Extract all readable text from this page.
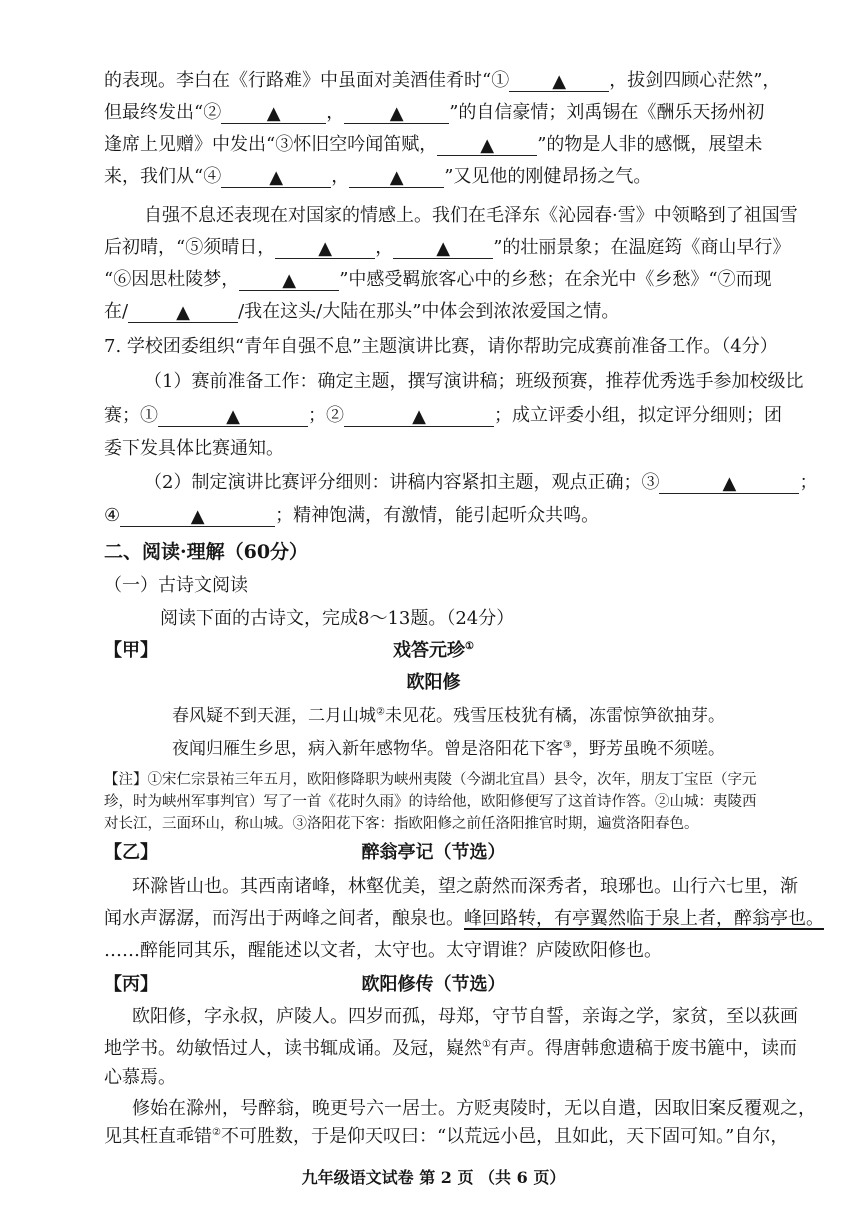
的表现。李白在《行路难》中虽面对美酒佳肴时“① ▲ ，拔剑四顾心茫然”，
但最终发出“②	▲	，	▲	”的自信豪情；刘禹锡在《酬乐天扬州初
逢席上见赠》中发出“③怀旧空吟闻笛赋， ▲ ”的物是人非的感慨，展望未
来，我们从“④	▲	， ▲ ”又见他的刚健昂扬之气。
自强不息还表现在对国家的情感上。我们在毛泽东《沁园春·雪》中领略到了祖国雪
后初晴，“⑤须晴日， ▲ ， ▲ ”的壮丽景象；在温庭筠《商山早行》
“⑥因思杜陵梦， ▲ ”中感受羁旅客心中的乡愁；在余光中《乡愁》“⑦而现
在/	▲	/我在这头/大陆在那头”中体会到浓浓爱国之情。
7. 学校团委组织“青年自强不息”主题演讲比赛，请你帮助完成赛前准备工作。（4分）
（1）赛前准备工作：确定主题，撰写演讲稿；班级预赛，推荐优秀选手参加校级比
赛；①	▲	；②	▲	；成立评委小组，拟定评分细则；团
委下发具体比赛通知。
（2）制定演讲比赛评分细则：讲稿内容紧扣主题，观点正确；③	▲	；
④	▲	；精神饱满，有激情，能引起听众共鸣。
二、阅读·理解（60分）
（一）古诗文阅读
阅读下面的古诗文，完成8～13题。（24分）
【甲】	戏答元珍①
欧阳修
春风疑不到天涯，二月山城②未见花。残雪压枝犹有橘，冻雷惊笋欲抽芽。
夜闻归雁生乡思，病入新年感物华。曾是洛阳花下客③，野芳虽晚不须嗟。
【注】①宋仁宗景祐三年五月，欧阳修降职为峡州夷陵（今湖北宜昌）县令，次年，朋友丁宝臣（字元
珍，时为峡州军事判官）写了一首《花时久雨》的诗给他，欧阳修便写了这首诗作答。②山城：夷陵西
对长江，三面环山，称山城。③洛阳花下客：指欧阳修之前任洛阳推官时期，遍赏洛阳春色。
【乙】	醉翁亭记（节选）
环滁皆山也。其西南诸峰，林壑优美，望之蔚然而深秀者，琅琊也。山行六七里，渐
闻水声潺潺，而泻出于两峰之间者，酿泉也。峰回路转，有亭翼然临于泉上者，醉翁亭也。
……醉能同其乐，醒能述以文者，太守也。太守谓谁？庐陵欧阳修也。
【丙】	欧阳修传（节选）
欧阳修，字永叔，庐陵人。四岁而孤，母郑，守节自誓，亲诲之学，家贫，至以荻画
地学书。幼敏悟过人，读书辄成诵。及冠，嶷然①有声。得唐韩愈遗稿于废书簏中，读而
心慕焉。
修始在滁州，号醉翁，晚更号六一居士。方贬夷陵时，无以自遣，因取旧案反覆观之，
见其枉直乖错②不可胜数，于是仰天叹曰：“以荒远小邑，且如此，天下固可知。”自尔，
九年级语文试卷 第 2 页 （共 6 页）
